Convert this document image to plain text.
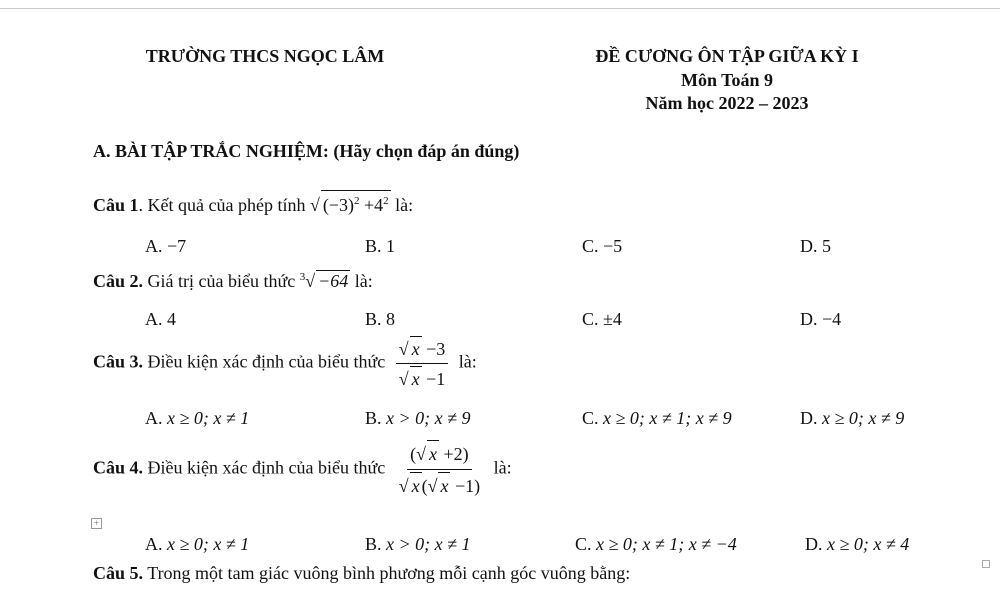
TRƯỜNG THCS NGỌC LÂM	ĐỀ CƯƠNG ÔN TẬP GIỮA KỲ I
Môn Toán 9
Năm học 2022 – 2023
A. BÀI TẬP TRẮC NGHIỆM: (Hãy chọn đáp án đúng)
Câu 1. Kết quả của phép tính √ $(-3)^2 +4^2$ là:
A. −7	B. 1	C. −5	D. 5
Câu 2. Giá trị của biểu thức $^3$√ −64 là:
A. 4	B. 8	C. ±4	D. −4
Câu 3. Điều kiện xác định của biểu thức $\frac{√ x -3}{√ x -1}$ là:
A. x ≥ 0; x ≠ 1	B. x > 0; x ≠ 9	C. x ≥ 0; x ≠ 1; x ≠ 9	D. x ≥ 0; x ≠ 9
Câu 4. Điều kiện xác định của biểu thức $\frac{(√ x +2)}{√ x (√ x -1)}$ là:
+
A. x ≥ 0; x ≠ 1	B. x > 0; x ≠ 1	C. x ≥ 0; x ≠ 1; x ≠ −4	D. x ≥ 0; x ≠ 4
Câu 5. Trong một tam giác vuông bình phương mỗi cạnh góc vuông bằng:
